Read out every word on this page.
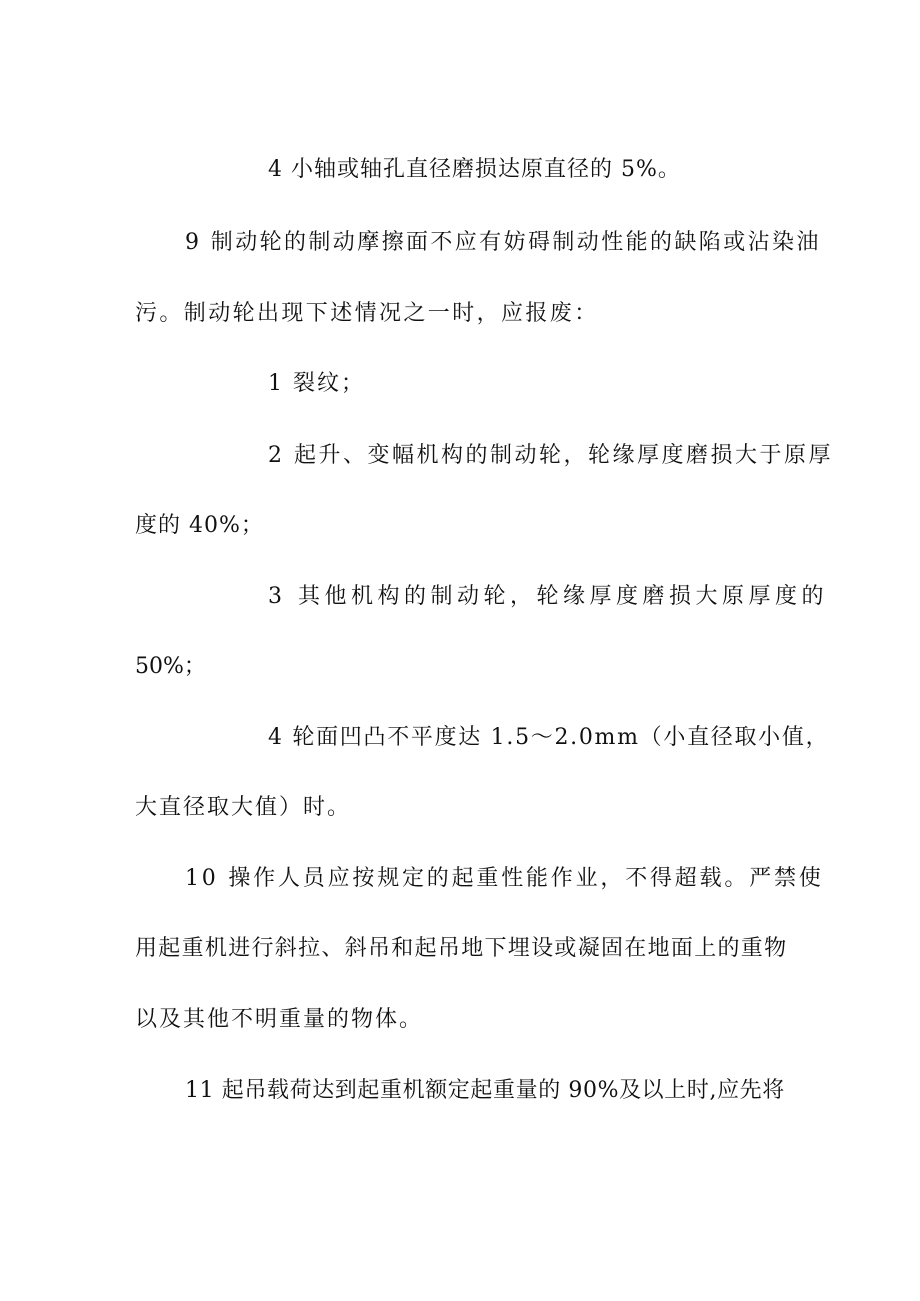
4 小轴或轴孔直径磨损达原直径的 5%。
9 制动轮的制动摩擦面不应有妨碍制动性能的缺陷或沾染油
污。制动轮出现下述情况之一时，应报废：
1 裂纹；
2 起升、变幅机构的制动轮，轮缘厚度磨损大于原厚
度的 40%；
3 其他机构的制动轮，轮缘厚度磨损大原厚度的
50%；
4 轮面凹凸不平度达 1.5～2.0mm（小直径取小值，
大直径取大值）时。
10 操作人员应按规定的起重性能作业，不得超载。严禁使
用起重机进行斜拉、斜吊和起吊地下埋设或凝固在地面上的重物
以及其他不明重量的物体。
11 起吊载荷达到起重机额定起重量的 90%及以上时,应先将
